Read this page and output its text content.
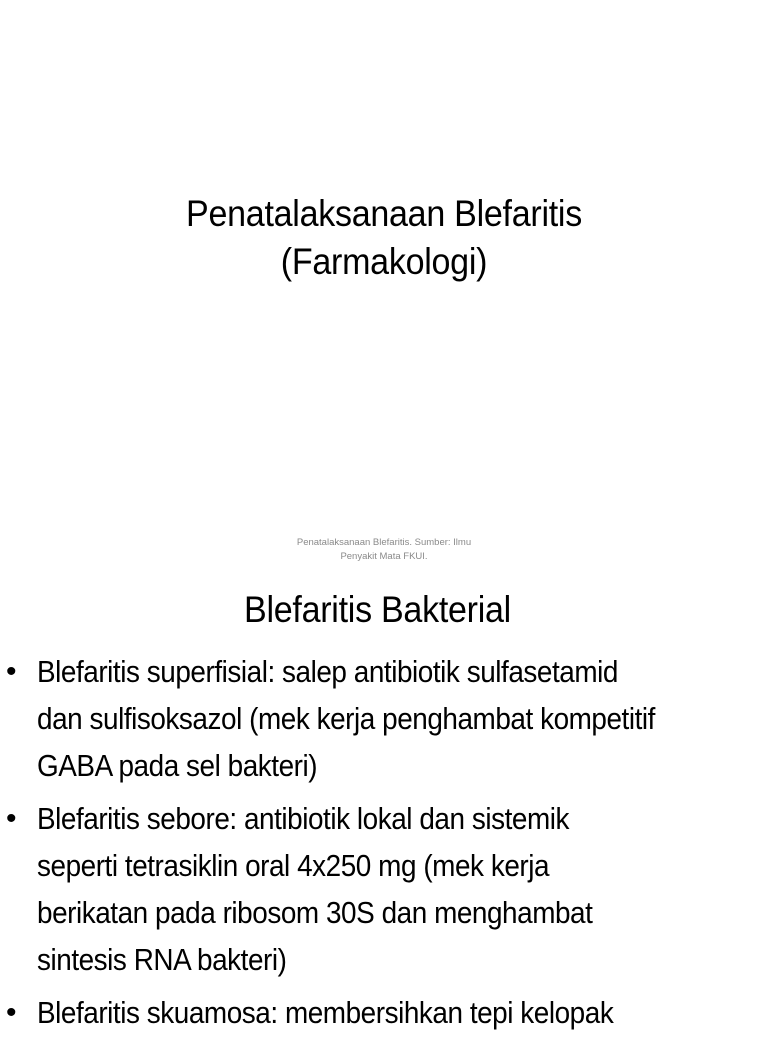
Penatalaksanaan Blefaritis
(Farmakologi)
Penatalaksanaan Blefaritis. Sumber: Ilmu
Penyakit Mata FKUI.
Blefaritis Bakterial
• Blefaritis superfisial: salep antibiotik sulfasetamid
dan sulfisoksazol (mek kerja penghambat kompetitif
GABA pada sel bakteri)
• Blefaritis sebore: antibiotik lokal dan sistemik
seperti tetrasiklin oral 4x250 mg (mek kerja
berikatan pada ribosom 30S dan menghambat
sintesis RNA bakteri)
• Blefaritis skuamosa: membersihkan tepi kelopak
